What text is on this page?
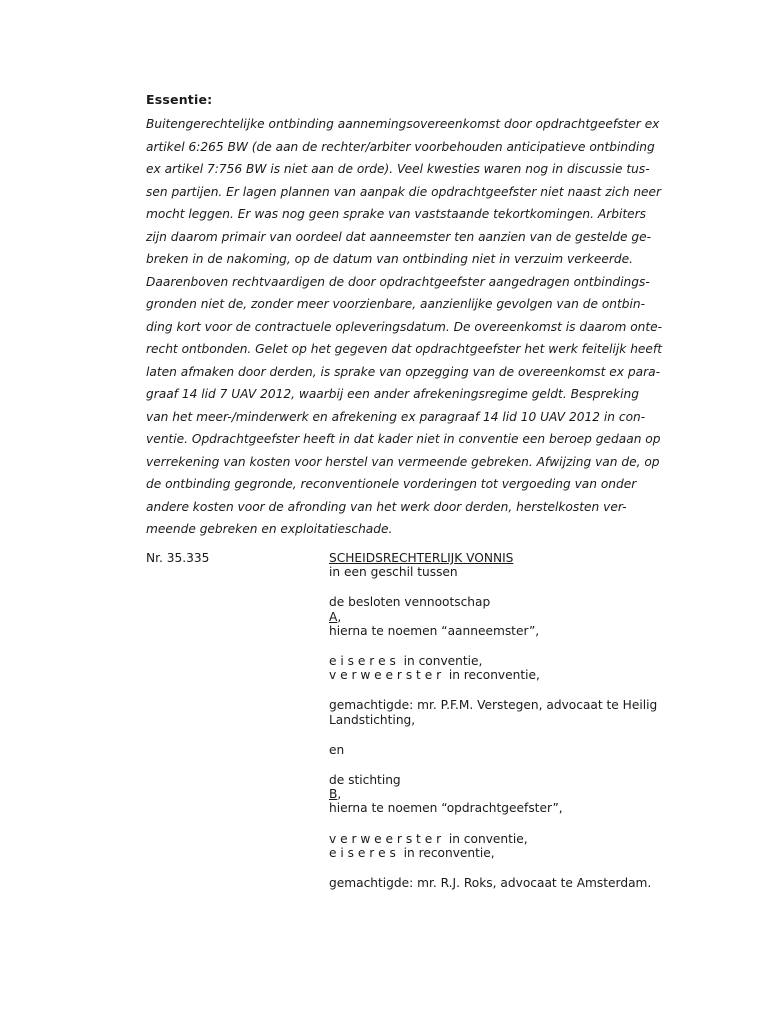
Essentie:

Buitengerechtelijke ontbinding aannemingsovereenkomst door opdrachtgeefster ex

artikel 6:265 BW (de aan de rechter/arbiter voorbehouden anticipatieve ontbinding

ex artikel 7:756 BW is niet aan de orde). Veel kwesties waren nog in discussie tus-

sen partijen. Er lagen plannen van aanpak die opdrachtgeefster niet naast zich neer

mocht leggen. Er was nog geen sprake van vaststaande tekortkomingen. Arbiters

zijn daarom primair van oordeel dat aanneemster ten aanzien van de gestelde ge-

breken in de nakoming, op de datum van ontbinding niet in verzuim verkeerde.

Daarenboven rechtvaardigen de door opdrachtgeefster aangedragen ontbindings-

gronden niet de, zonder meer voorzienbare, aanzienlijke gevolgen van de ontbin-

ding kort voor de contractuele opleveringsdatum. De overeenkomst is daarom onte-

recht ontbonden. Gelet op het gegeven dat opdrachtgeefster het werk feitelijk heeft

laten afmaken door derden, is sprake van opzegging van de overeenkomst ex para-

graaf 14 lid 7 UAV 2012, waarbij een ander afrekeningsregime geldt. Bespreking

van het meer-/minderwerk en afrekening ex paragraaf 14 lid 10 UAV 2012 in con-

ventie. Opdrachtgeefster heeft in dat kader niet in conventie een beroep gedaan op

verrekening van kosten voor herstel van vermeende gebreken. Afwijzing van de, op

de ontbinding gegronde, reconventionele vorderingen tot vergoeding van onder

andere kosten voor de afronding van het werk door derden, herstelkosten ver-

meende gebreken en exploitatieschade.

Nr. 35.335	SCHEIDSRECHTERLIJK VONNIS
in een geschil tussen
de besloten vennootschap
A,
hierna te noemen “aanneemster”,
e i s e r e s  in conventie,
v e r w e e r s t e r  in reconventie,
gemachtigde: mr. P.F.M. Verstegen, advocaat te Heilig Landstichting,
en
de stichting
B,
hierna te noemen “opdrachtgeefster”,
v e r w e e r s t e r  in conventie,
e i s e r e s  in reconventie,
gemachtigde: mr. R.J. Roks, advocaat te Amsterdam.
